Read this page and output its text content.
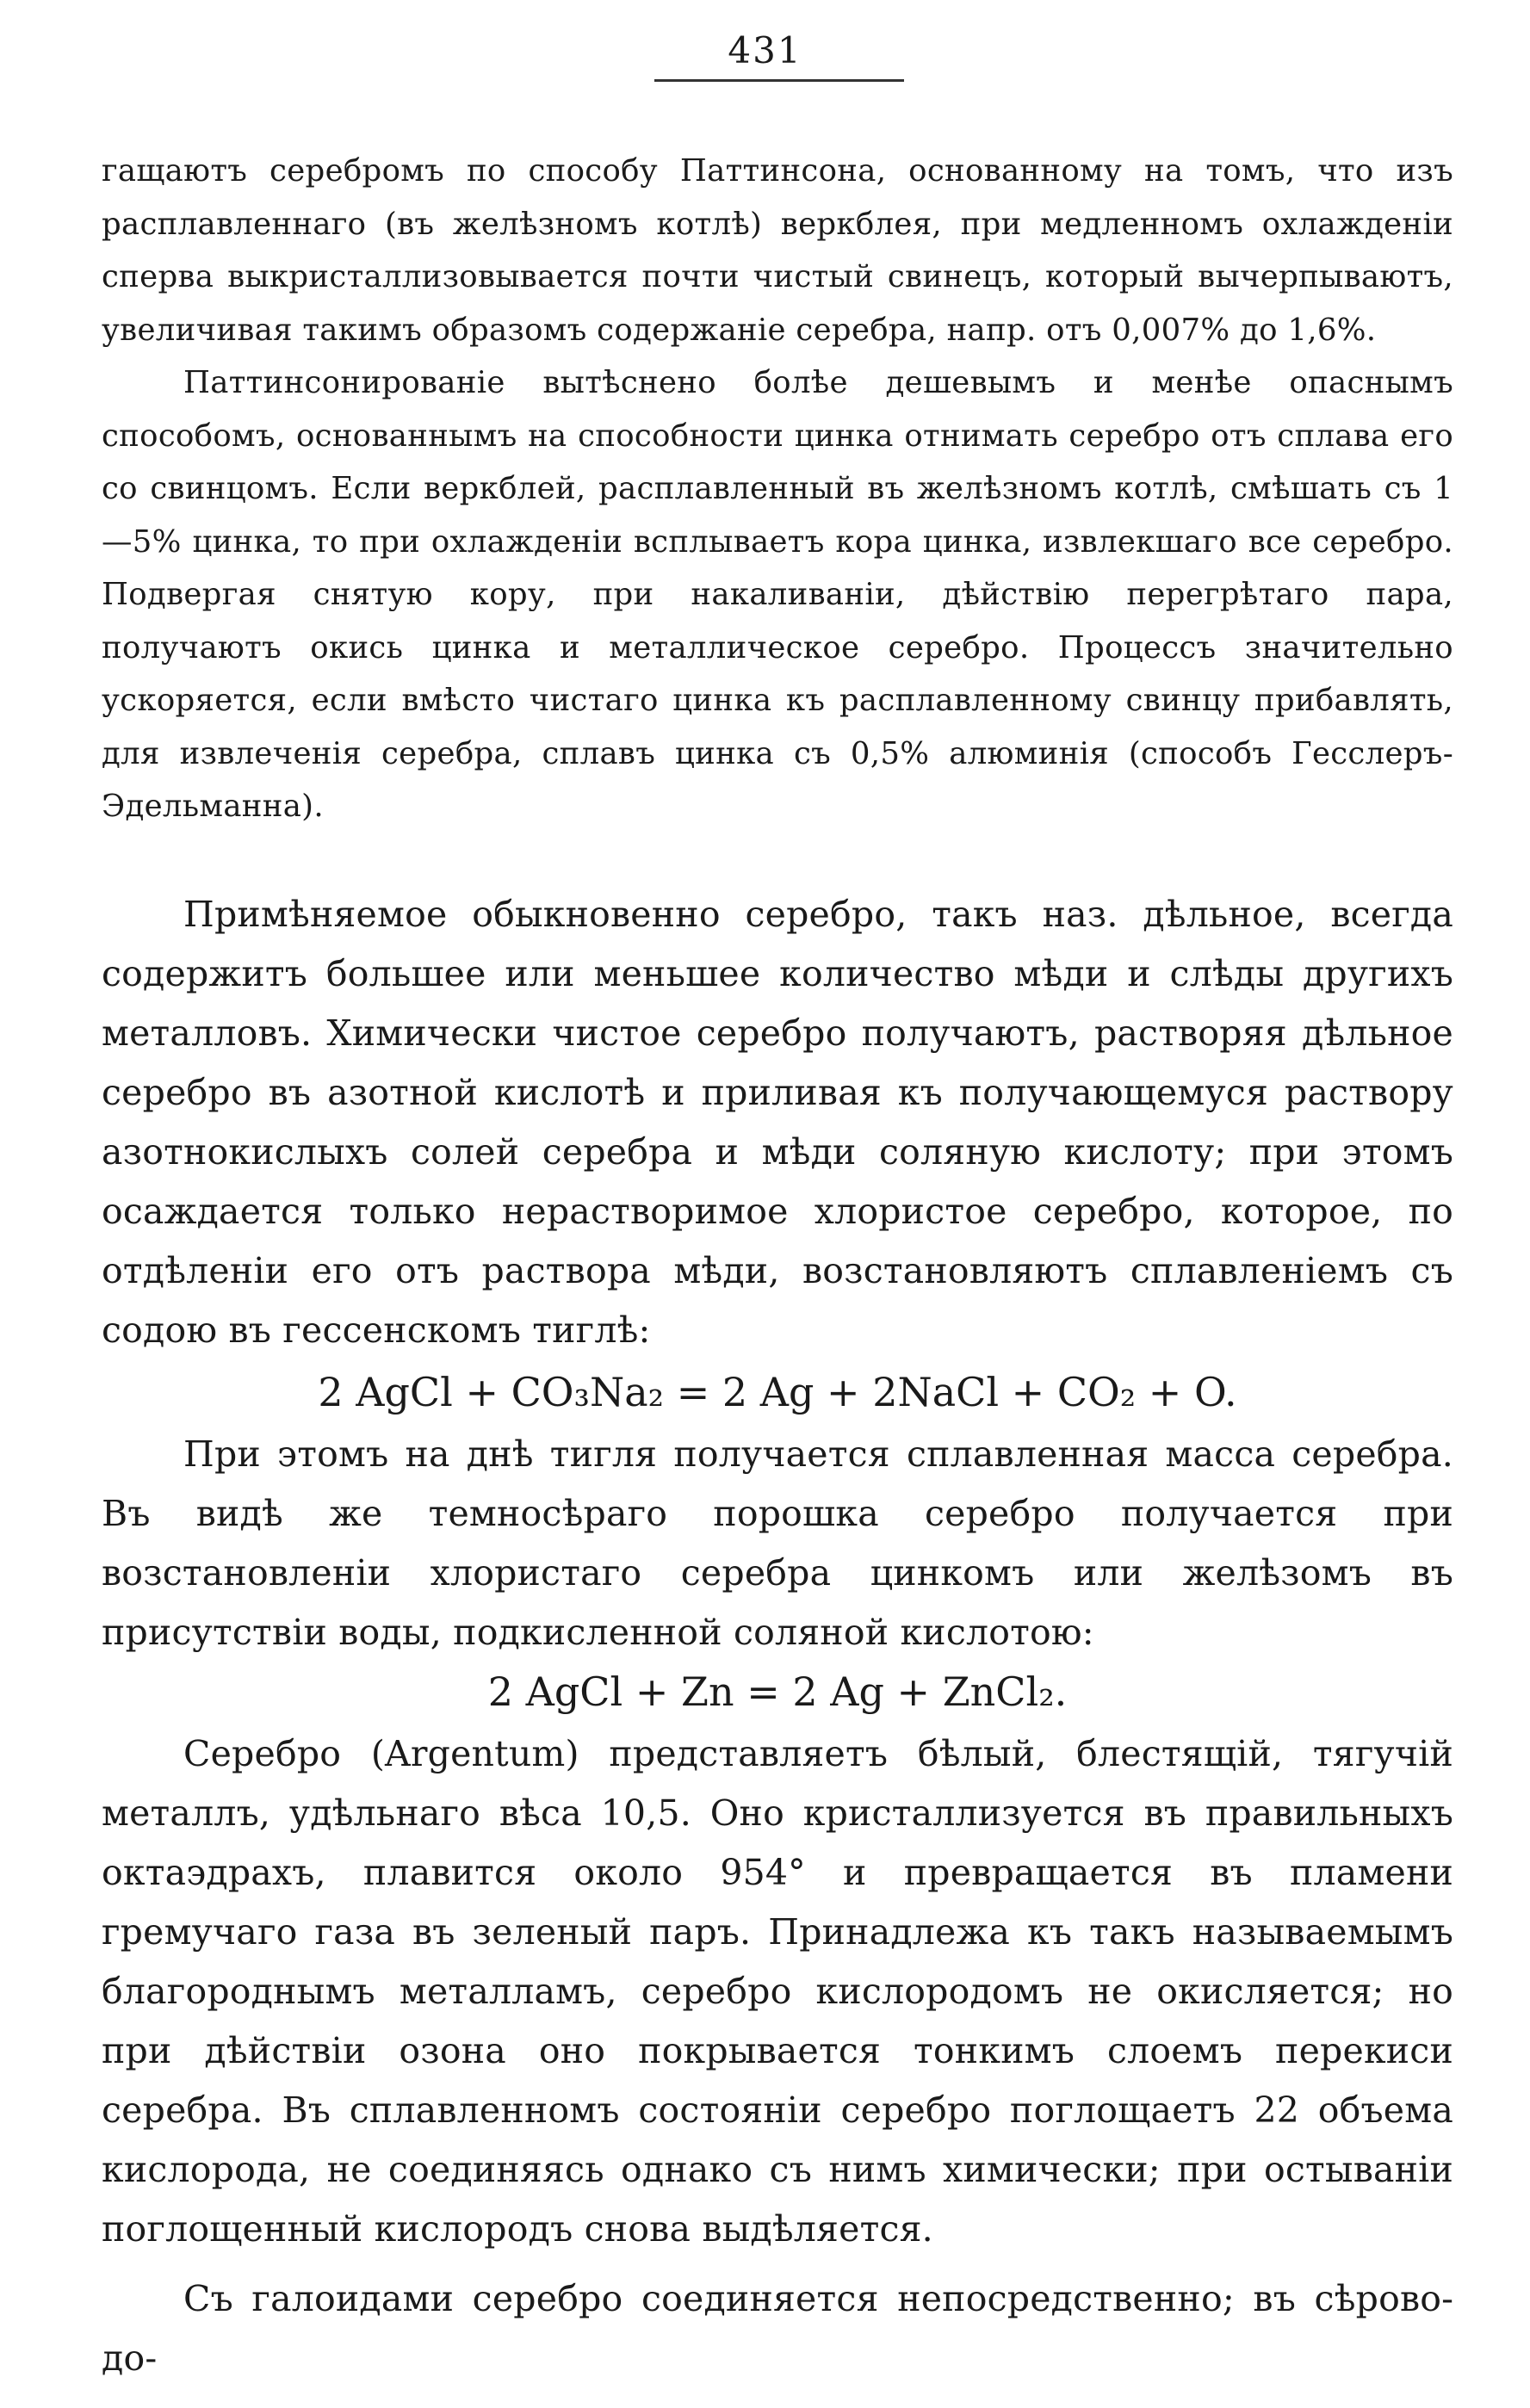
431

гащаютъ серебромъ по способу Паттинсона, основанному на томъ, что изъ расплавленнаго (въ желѣзномъ котлѣ) веркблея, при медленномъ охлажденіи сперва выкристаллизовывается почти чистый свинецъ, который вычерпываютъ, увеличивая такимъ образомъ содержаніе серебра, напр. отъ 0,007% до 1,6%.

Паттинсонированіе вытѣснено болѣе дешевымъ и менѣе опаснымъ способомъ, основаннымъ на способности цинка отнимать серебро отъ сплава его со свинцомъ. Если веркблей, расплавленный въ желѣзномъ котлѣ, смѣшать съ 1—5% цинка, то при охлажденіи всплываетъ кора цинка, извлекшаго все серебро. Подвергая снятую кору, при накаливаніи, дѣйствію перегрѣтаго пара, получаютъ окись цинка и металлическое серебро. Процессъ значительно ускоряется, если вмѣсто чистаго цинка къ расплавленному свинцу прибавлять, для извлеченія серебра, сплавъ цинка съ 0,5% алюминія (способъ Гесслеръ-Эдельманна).

Примѣняемое обыкновенно серебро, такъ наз. дѣльное, всегда содержитъ большее или меньшее количество мѣди и слѣды другихъ металловъ. Химически чистое серебро получаютъ, растворяя дѣльное серебро въ азотной кислотѣ и приливая къ получающемуся раствору азотнокислыхъ солей серебра и мѣди соляную кислоту; при этомъ осаждается только нерастворимое хлористое серебро, которое, по отдѣленіи его отъ раствора мѣди, возстановляютъ сплавленіемъ съ содою въ гессенскомъ тиглѣ:

2 AgCl + CO₃Na₂ = 2 Ag + 2NaCl + CO₂ + O.

При этомъ на днѣ тигля получается сплавленная масса серебра. Въ видѣ же темносѣраго порошка серебро получается при возстановленіи хлористаго серебра цинкомъ или желѣзомъ въ присутствіи воды, подкисленной соляной кислотою:

2 AgCl + Zn = 2 Ag + ZnCl₂.

Серебро (Argentum) представляетъ бѣлый, блестящій, тягучій металлъ, удѣльнаго вѣса 10,5. Оно кристаллизуется въ правильныхъ октаэдрахъ, плавится около 954° и превращается въ пламени гремучаго газа въ зеленый паръ. Принадлежа къ такъ называемымъ благороднымъ металламъ, серебро кислородомъ не окисляется; но при дѣйствіи озона оно покрывается тонкимъ слоемъ перекиси серебра. Въ сплавленномъ состояніи серебро поглощаетъ 22 объема кислорода, не соединяясь однако съ нимъ химически; при остываніи поглощенный кислородъ снова выдѣляется.

Съ галоидами серебро соединяется непосредственно; въ сѣроводо-
